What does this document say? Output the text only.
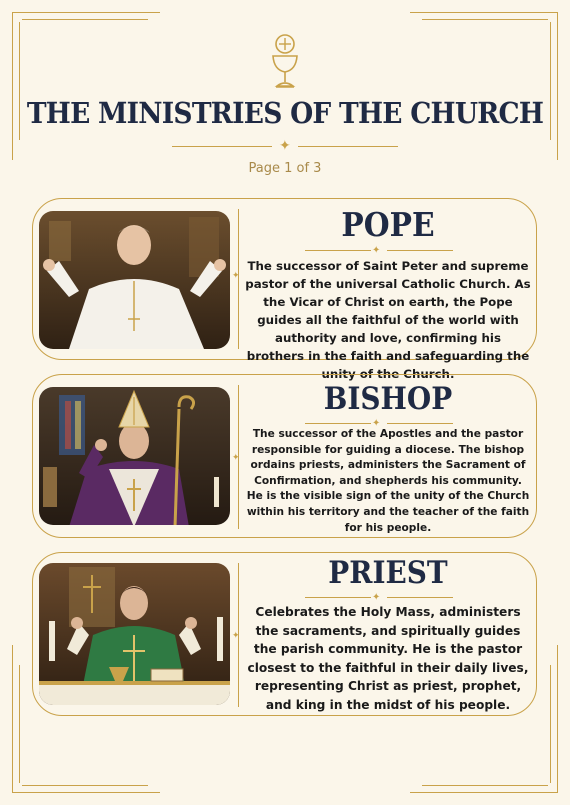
THE MINISTRIES OF THE CHURCH
✦
Page 1 of 3
✦
POPE
✦
The successor of Saint Peter and supreme pastor of the universal Catholic Church. As the Vicar of Christ on earth, the Pope guides all the faithful of the world with authority and love, confirming his brothers in the faith and safeguarding the unity of the Church.
✦
BISHOP
✦
The successor of the Apostles and the pastor responsible for guiding a diocese. The bishop ordains priests, administers the Sacrament of Confirmation, and shepherds his community. He is the visible sign of the unity of the Church within his territory and the teacher of the faith for his people.
✦
PRIEST
✦
Celebrates the Holy Mass, administers the sacraments, and spiritually guides the parish community. He is the pastor closest to the faithful in their daily lives, representing Christ as priest, prophet, and king in the midst of his people.
